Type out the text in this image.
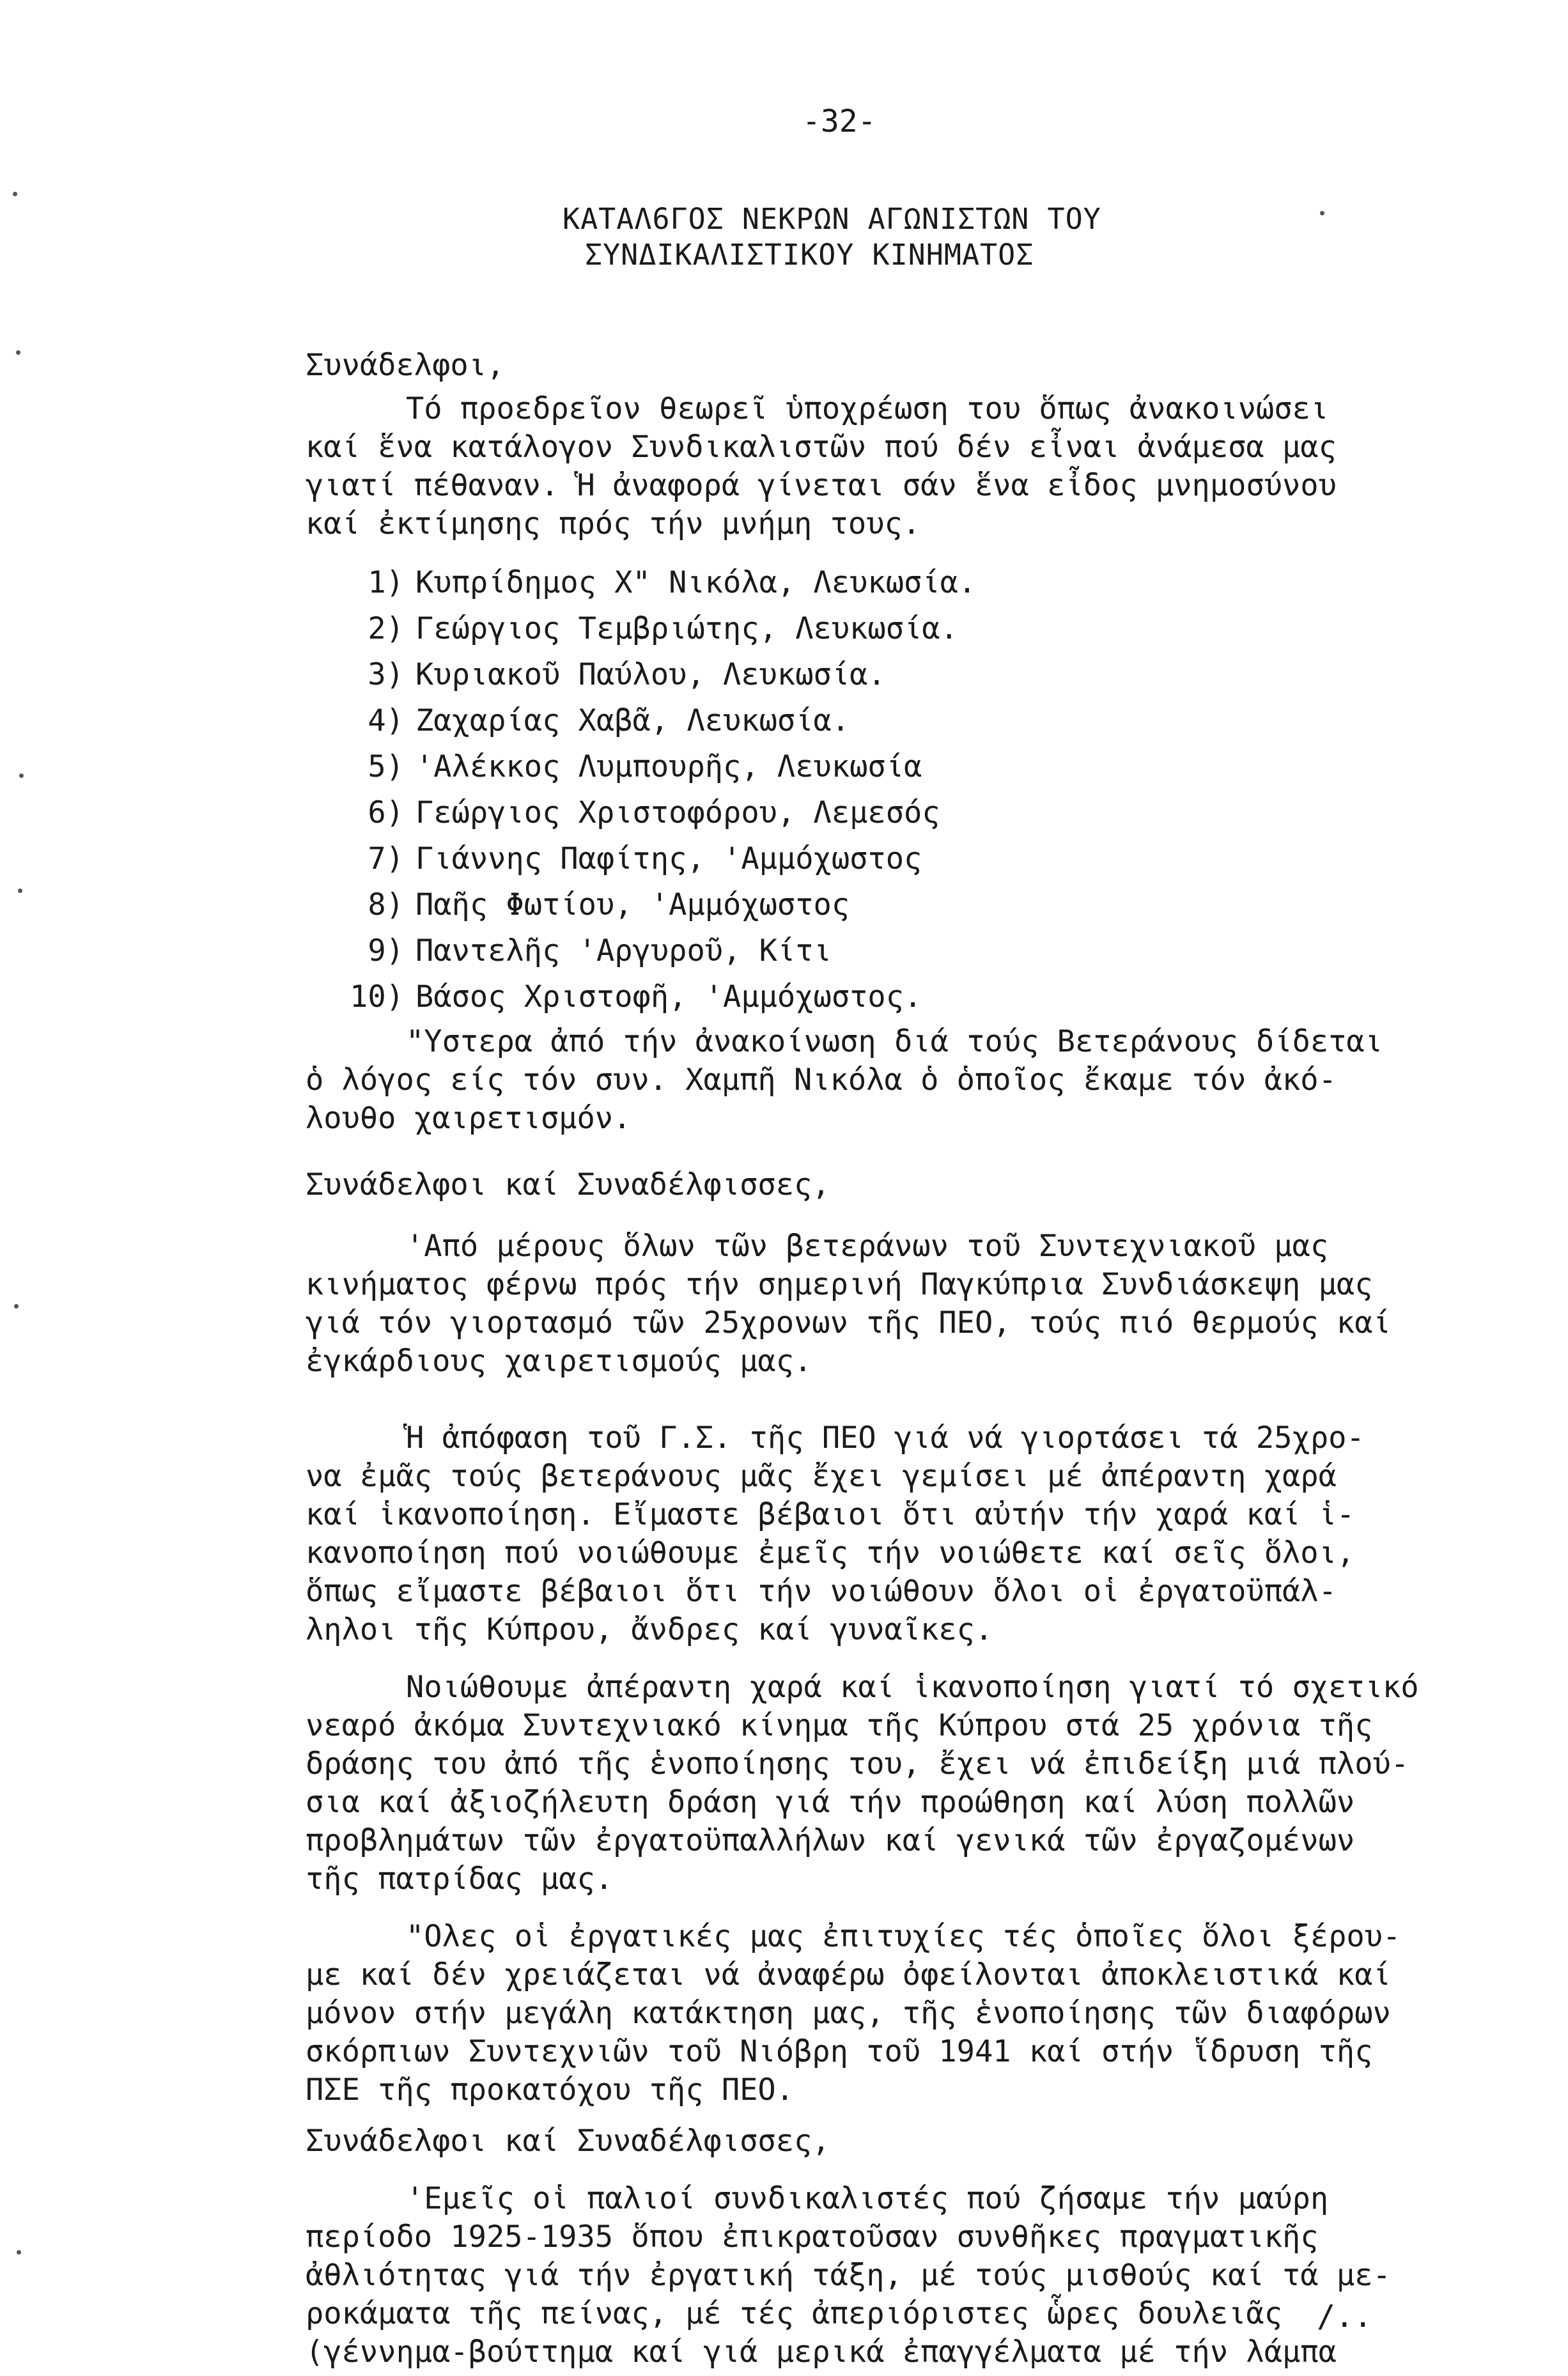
-32-
ΚΑΤΑΛ6ΓΟΣ ΝΕΚΡΩΝ ΑΓΩΝΙΣΤΩΝ ΤΟΥ
ΣΥΝΔΙΚΑΛΙΣΤΙΚΟΥ ΚΙΝΗΜΑΤΟΣ
Συνάδελφοι,
Τό προεδρεῖον θεωρεῖ ὑποχρέωση του ὅπως ἀνακοινώσει
καί ἕνα κατάλογον Συνδικαλιστῶν πού δέν εἶναι ἀνάμεσα μας
γιατί πέθαναν. Ἡ ἀναφορά γίνεται σάν ἕνα εἶδος μνημοσύνου
καί ἐκτίμησης πρός τήν μνήμη τους.
1) Κυπρίδημος Χ" Νικόλα, Λευκωσία.
2) Γεώργιος Τεμβριώτης, Λευκωσία.
3) Κυριακοῦ Παύλου, Λευκωσία.
4) Ζαχαρίας Χαβᾶ, Λευκωσία.
5) 'Αλέκκος Λυμπουρῆς, Λευκωσία
6) Γεώργιος Χριστοφόρου, Λεμεσός
7) Γιάννης Παφίτης, 'Αμμόχωστος
8) Παῆς Φωτίου, 'Αμμόχωστος
9) Παντελῆς 'Αργυροῦ, Κίτι
10) Βάσος Χριστοφῆ, 'Αμμόχωστος.
"Υστερα ἀπό τήν ἀνακοίνωση διά τούς Βετεράνους δίδεται
ὁ λόγος είς τόν συν. Χαμπῆ Νικόλα ὁ ὁποῖος ἔκαμε τόν ἀκό-
λουθο χαιρετισμόν.
Συνάδελφοι καί Συναδέλφισσες,
'Από μέρους ὅλων τῶν βετεράνων τοῦ Συντεχνιακοῦ μας
κινήματος φέρνω πρός τήν σημερινή Παγκύπρια Συνδιάσκεψη μας
γιά τόν γιορτασμό τῶν 25χρονων τῆς ΠΕΟ, τούς πιό θερμούς καί
ἐγκάρδιους χαιρετισμούς μας.
Ἡ ἀπόφαση τοῦ Γ.Σ. τῆς ΠΕΟ γιά νά γιορτάσει τά 25χρο-
να ἐμᾶς τούς βετεράνους μᾶς ἔχει γεμίσει μέ ἀπέραντη χαρά
καί ἱκανοποίηση. Εἴμαστε βέβαιοι ὅτι αὐτήν τήν χαρά καί ἱ-
κανοποίηση πού νοιώθουμε ἐμεῖς τήν νοιώθετε καί σεῖς ὅλοι,
ὅπως εἴμαστε βέβαιοι ὅτι τήν νοιώθουν ὅλοι οἱ ἐργατοϋπάλ-
ληλοι τῆς Κύπρου, ἄνδρες καί γυναῖκες.
Νοιώθουμε ἀπέραντη χαρά καί ἱκανοποίηση γιατί τό σχετικό
νεαρό ἀκόμα Συντεχνιακό κίνημα τῆς Κύπρου στά 25 χρόνια τῆς
δράσης του ἀπό τῆς ἑνοποίησης του, ἔχει νά ἐπιδείξη μιά πλού-
σια καί ἀξιοζήλευτη δράση γιά τήν προώθηση καί λύση πολλῶν
προβλημάτων τῶν ἐργατοϋπαλλήλων καί γενικά τῶν ἐργαζομένων
τῆς πατρίδας μας.
"Ολες οἱ ἐργατικές μας ἐπιτυχίες τές ὁποῖες ὅλοι ξέρου-
με καί δέν χρειάζεται νά ἀναφέρω ὀφείλονται ἀποκλειστικά καί
μόνον στήν μεγάλη κατάκτηση μας, τῆς ἑνοποίησης τῶν διαφόρων
σκόρπιων Συντεχνιῶν τοῦ Νιόβρη τοῦ 1941 καί στήν ἵδρυση τῆς
ΠΣΕ τῆς προκατόχου τῆς ΠΕΟ.
Συνάδελφοι καί Συναδέλφισσες,
'Εμεῖς οἱ παλιοί συνδικαλιστές πού ζήσαμε τήν μαύρη
περίοδο 1925-1935 ὅπου ἐπικρατοῦσαν συνθῆκες πραγματικῆς
ἀθλιότητας γιά τήν ἐργατική τάξη, μέ τούς μισθούς καί τά με-
ροκάματα τῆς πείνας, μέ τές ἀπεριόριστες ὧρες δουλειᾶς
(γέννημα-βούττημα καί γιά μερικά ἐπαγγέλματα μέ τήν λάμπα
/..
